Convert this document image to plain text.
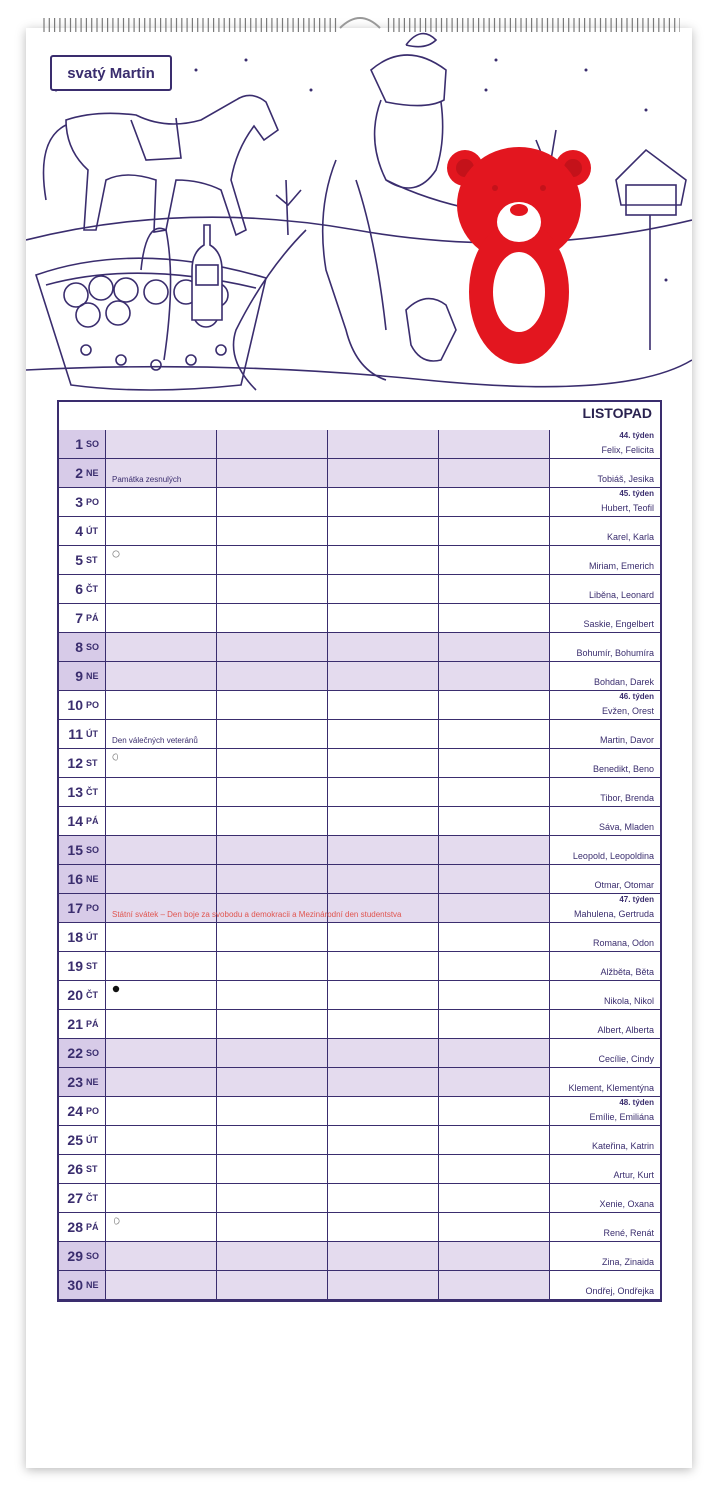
svatý Martin
1 SO
44. týden
Felix, Felicita
2 NE
Památka zesnulých	Tobiáš, Jesika
3 PO
45. týden
Hubert, Teofil
4 ÚT
Karel, Karla
5 ST
Miriam, Emerich
6 ČT
Liběna, Leonard
7 PÁ
Saskie, Engelbert
8 SO
Bohumír, Bohumíra
9 NE
Bohdan, Darek
10 PO
46. týden
Evžen, Orest
11 ÚT
Den válečných veteránů	Martin, Davor
12 ST
Benedikt, Beno
13 ČT
Tibor, Brenda
14 PÁ
Sáva, Mladen
15 SO
Leopold, Leopoldina
16 NE
Otmar, Otomar
17 PO
Státní svátek – Den boje za svobodu a demokracii a Mezinárodní den studentstva
47. týden
Mahulena, Gertruda
18 ÚT
Romana, Odon
19 ST
Alžběta, Běta
20 ČT
Nikola, Nikol
21 PÁ
Albert, Alberta
22 SO
Cecílie, Cindy
23 NE
Klement, Klementýna
24 PO
48. týden
Emílie, Emiliána
25 ÚT
Kateřina, Katrin
26 ST
Artur, Kurt
27 ČT
Xenie, Oxana
28 PÁ
René, Renát
29 SO
Zina, Zinaida
30 NE
Ondřej, Ondřejka
LISTOPAD
